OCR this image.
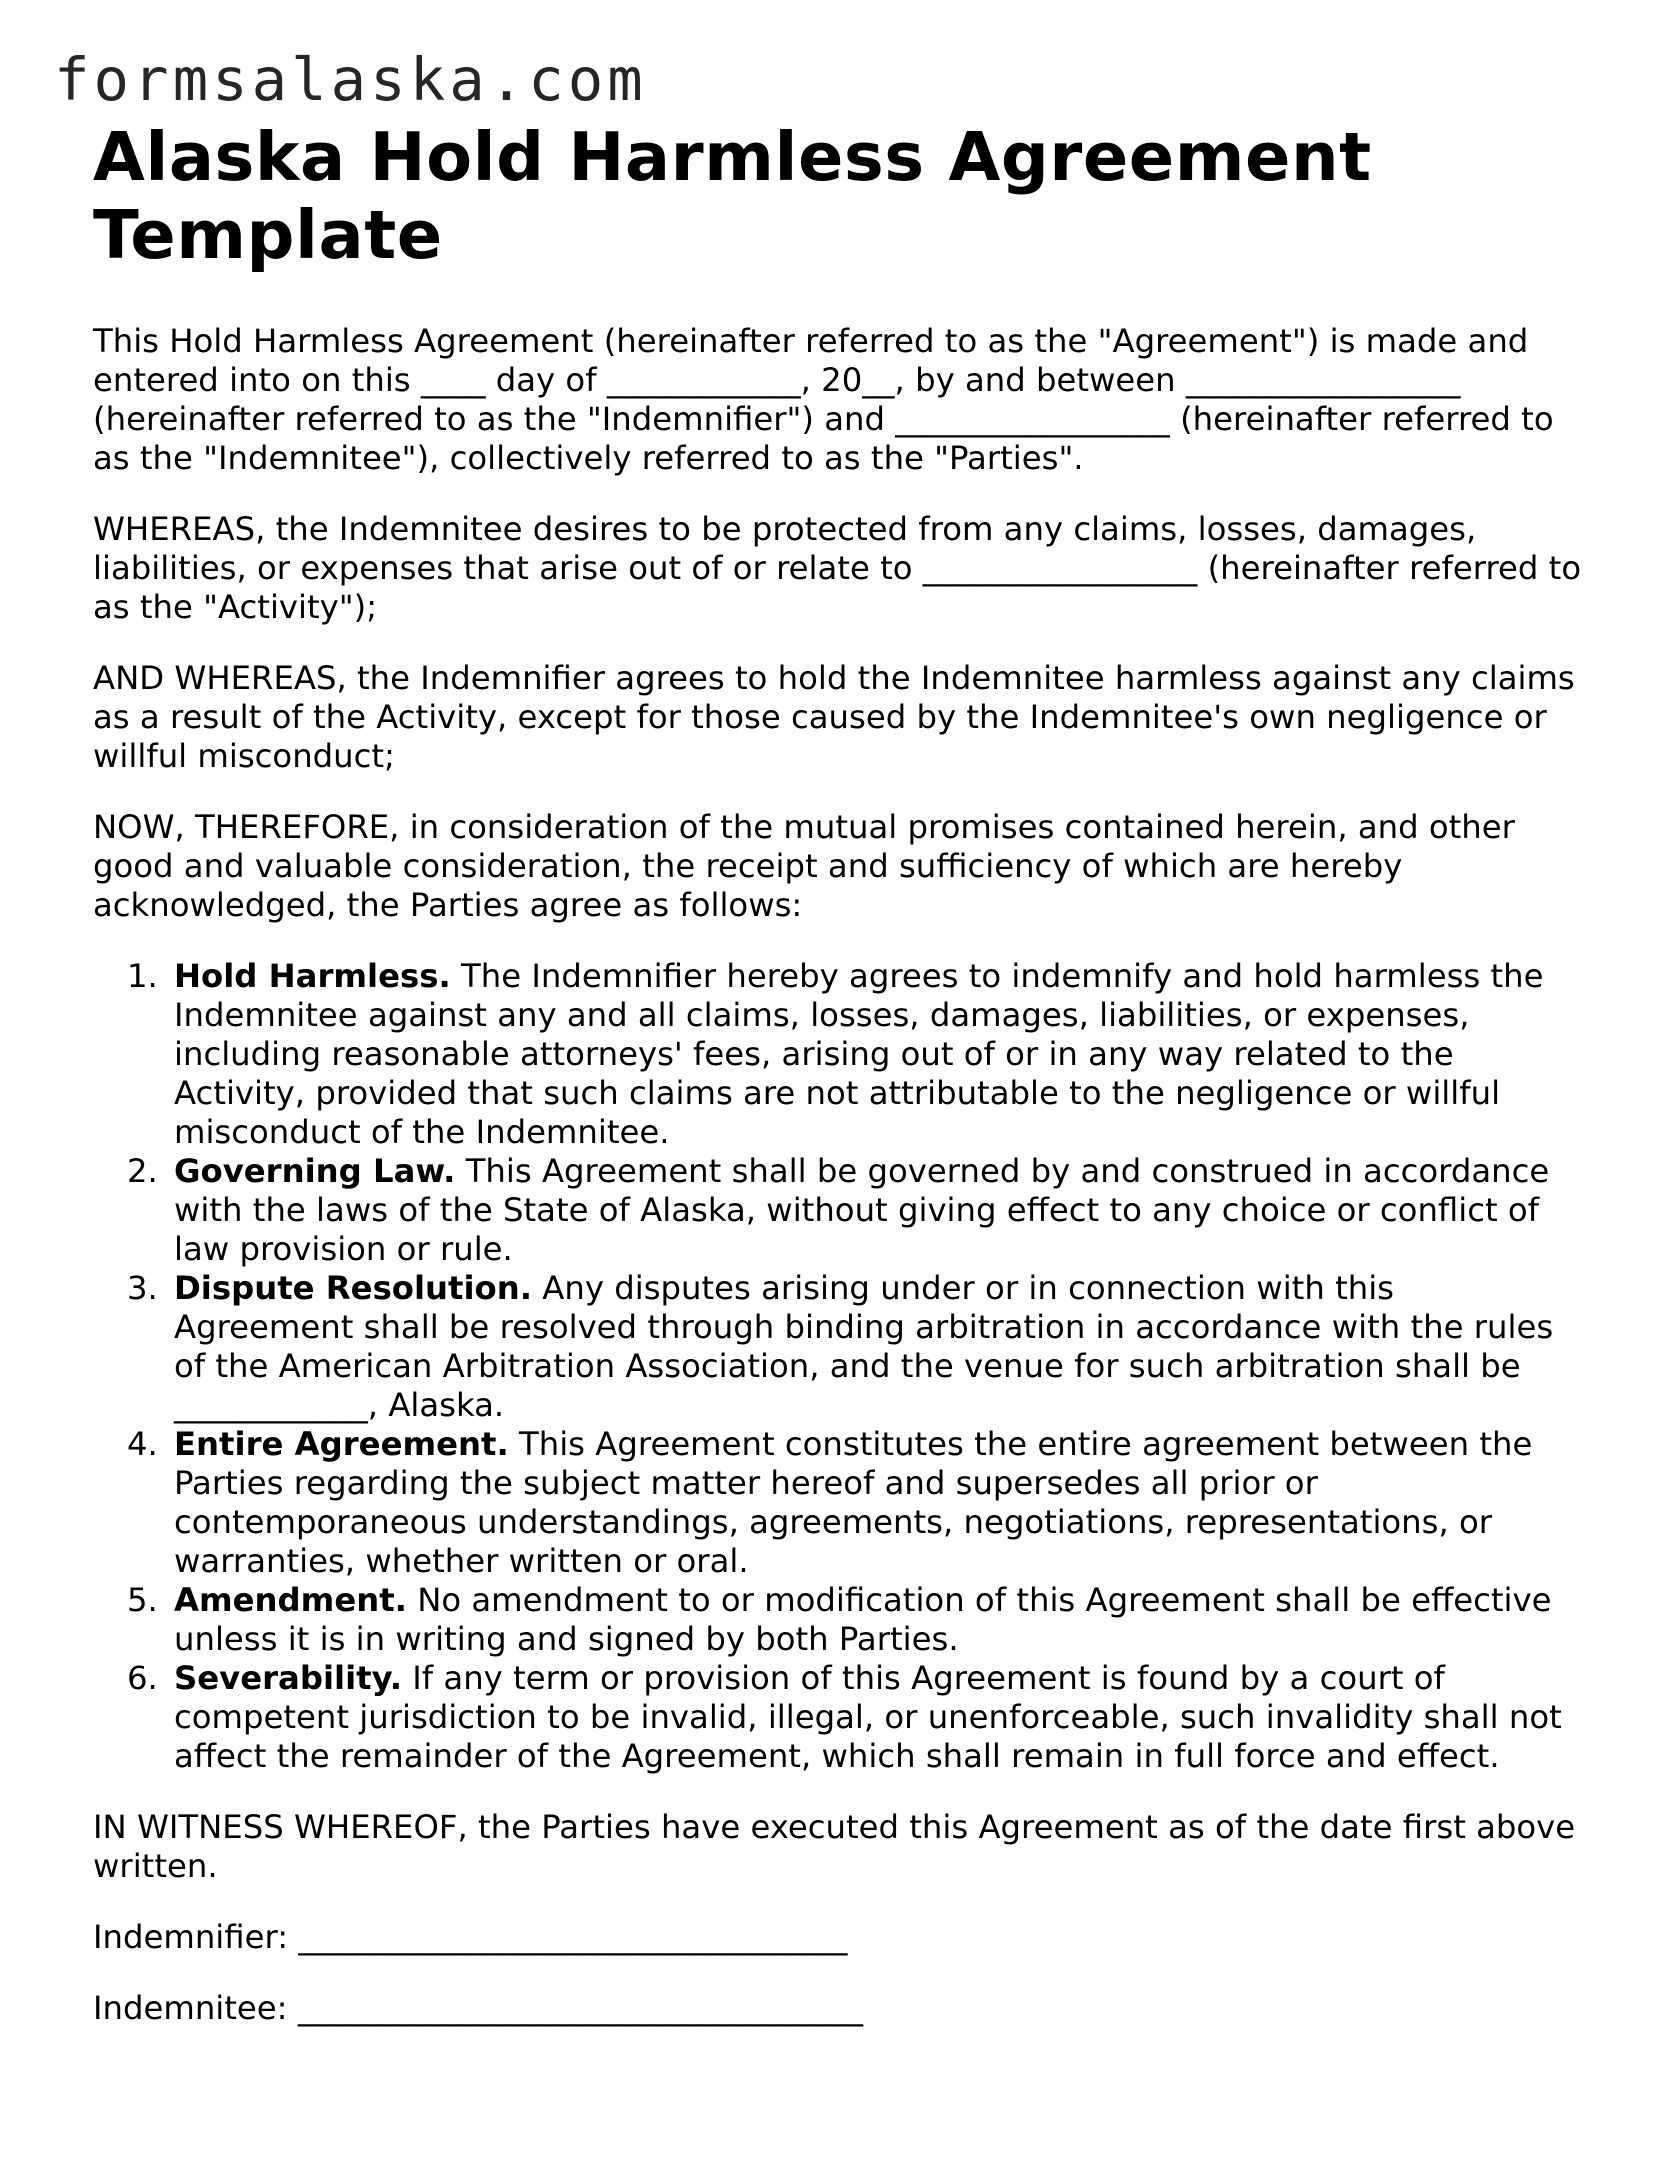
formsalaska.com
Alaska Hold Harmless Agreement Template

This Hold Harmless Agreement (hereinafter referred to as the "Agreement") is made and entered into on this ____ day of ____________, 20__, by and between _________________ (hereinafter referred to as the "Indemnifier") and _________________ (hereinafter referred to as the "Indemnitee"), collectively referred to as the "Parties".

WHEREAS, the Indemnitee desires to be protected from any claims, losses, damages, liabilities, or expenses that arise out of or relate to _________________ (hereinafter referred to as the "Activity");

AND WHEREAS, the Indemnifier agrees to hold the Indemnitee harmless against any claims as a result of the Activity, except for those caused by the Indemnitee's own negligence or willful misconduct;

NOW, THEREFORE, in consideration of the mutual promises contained herein, and other good and valuable consideration, the receipt and sufficiency of which are hereby acknowledged, the Parties agree as follows:

1. Hold Harmless. The Indemnifier hereby agrees to indemnify and hold harmless the Indemnitee against any and all claims, losses, damages, liabilities, or expenses, including reasonable attorneys' fees, arising out of or in any way related to the Activity, provided that such claims are not attributable to the negligence or willful misconduct of the Indemnitee.
2. Governing Law. This Agreement shall be governed by and construed in accordance with the laws of the State of Alaska, without giving effect to any choice or conflict of law provision or rule.
3. Dispute Resolution. Any disputes arising under or in connection with this Agreement shall be resolved through binding arbitration in accordance with the rules of the American Arbitration Association, and the venue for such arbitration shall be ____________, Alaska.
4. Entire Agreement. This Agreement constitutes the entire agreement between the Parties regarding the subject matter hereof and supersedes all prior or contemporaneous understandings, agreements, negotiations, representations, or warranties, whether written or oral.
5. Amendment. No amendment to or modification of this Agreement shall be effective unless it is in writing and signed by both Parties.
6. Severability. If any term or provision of this Agreement is found by a court of competent jurisdiction to be invalid, illegal, or unenforceable, such invalidity shall not affect the remainder of the Agreement, which shall remain in full force and effect.

IN WITNESS WHEREOF, the Parties have executed this Agreement as of the date first above written.

Indemnifier: __________________________________

Indemnitee: ___________________________________
